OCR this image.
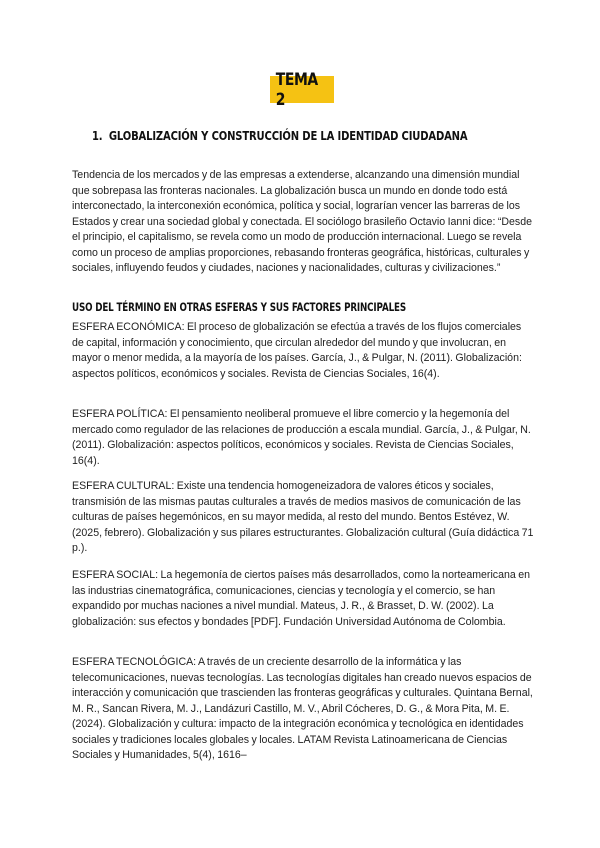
TEMA 2
1. GLOBALIZACIÓN Y CONSTRUCCIÓN DE LA IDENTIDAD CIUDADANA
Tendencia de los mercados y de las empresas a extenderse, alcanzando una dimensión mundial que sobrepasa las fronteras nacionales. La globalización busca un mundo en donde todo está interconectado, la interconexión económica, política y social, lograrían vencer las barreras de los Estados y crear una sociedad global y conectada. El sociólogo brasileño Octavio Ianni dice: “Desde el principio, el capitalismo, se revela como un modo de producción internacional. Luego se revela como un proceso de amplias proporciones, rebasando fronteras geográfica, históricas, culturales y sociales, influyendo feudos y ciudades, naciones y nacionalidades, culturas y civilizaciones.”
USO DEL TÉRMINO EN OTRAS ESFERAS Y SUS FACTORES PRINCIPALES
ESFERA ECONÓMICA: El proceso de globalización se efectúa a través de los flujos comerciales de capital, información y conocimiento, que circulan alrededor del mundo y que involucran, en mayor o menor medida, a la mayoría de los países. García, J., & Pulgar, N. (2011). Globalización: aspectos políticos, económicos y sociales. Revista de Ciencias Sociales, 16(4).
ESFERA POLÍTICA: El pensamiento neoliberal promueve el libre comercio y la hegemonía del mercado como regulador de las relaciones de producción a escala mundial. García, J., & Pulgar, N. (2011). Globalización: aspectos políticos, económicos y sociales. Revista de Ciencias Sociales, 16(4).
ESFERA CULTURAL: Existe una tendencia homogeneizadora de valores éticos y sociales, transmisión de las mismas pautas culturales a través de medios masivos de comunicación de las culturas de países hegemónicos, en su mayor medida, al resto del mundo. Bentos Estévez, W. (2025, febrero). Globalización y sus pilares estructurantes. Globalización cultural (Guía didáctica 71 p.).
ESFERA SOCIAL: La hegemonía de ciertos países más desarrollados, como la norteamericana en las industrias cinematográfica, comunicaciones, ciencias y tecnología y el comercio, se han expandido por muchas naciones a nivel mundial. Mateus, J. R., & Brasset, D. W. (2002). La globalización: sus efectos y bondades [PDF]. Fundación Universidad Autónoma de Colombia.
ESFERA TECNOLÓGICA: A través de un creciente desarrollo de la informática y las telecomunicaciones, nuevas tecnologías. Las tecnologías digitales han creado nuevos espacios de interacción y comunicación que trascienden las fronteras geográficas y culturales. Quintana Bernal, M. R., Sancan Rivera, M. J., Landázuri Castillo, M. V., Abril Cócheres, D. G., & Mora Pita, M. E. (2024). Globalización y cultura: impacto de la integración económica y tecnológica en identidades sociales y tradiciones locales globales y locales. LATAM Revista Latinoamericana de Ciencias Sociales y Humanidades, 5(4), 1616–
